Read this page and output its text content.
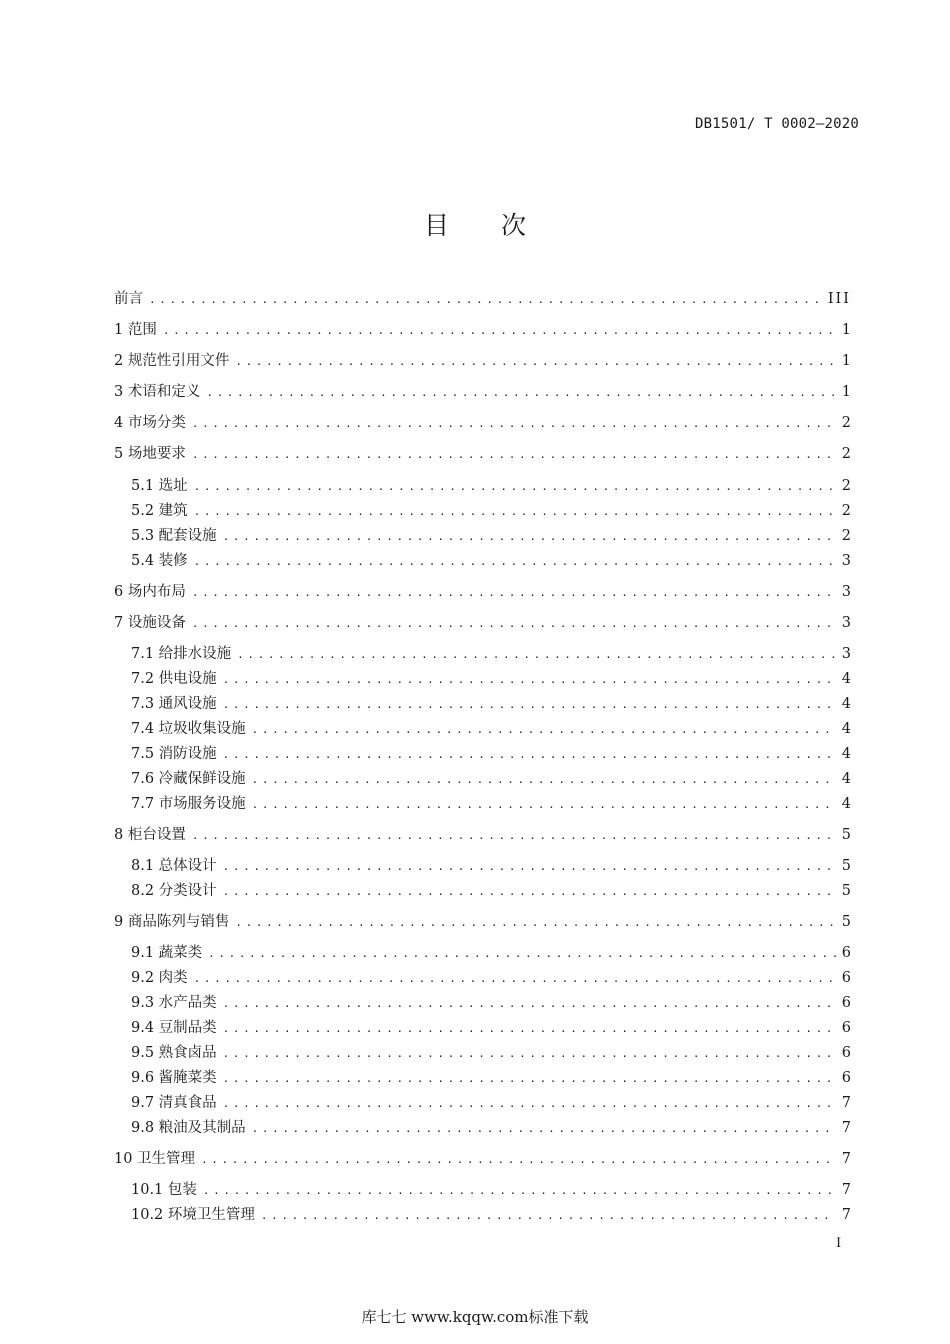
DB1501/ T 0002—2020
目 次
前言 .....	III
1 范围 .....	1
2 规范性引用文件 .....	1
3 术语和定义 .....	1
4 市场分类 .....	2
5 场地要求 .....	2
5.1 选址 .....	2
5.2 建筑 .....	2
5.3 配套设施 .....	2
5.4 装修 .....	3
6 场内布局 .....	3
7 设施设备 .....	3
7.1 给排水设施 .....	3
7.2 供电设施 .....	4
7.3 通风设施 .....	4
7.4 垃圾收集设施 .....	4
7.5 消防设施 .....	4
7.6 冷藏保鲜设施 .....	4
7.7 市场服务设施 .....	4
8 柜台设置 .....	5
8.1 总体设计 .....	5
8.2 分类设计 .....	5
9 商品陈列与销售 .....	5
9.1 蔬菜类 .....	6
9.2 肉类 .....	6
9.3 水产品类 .....	6
9.4 豆制品类 .....	6
9.5 熟食卤品 .....	6
9.6 酱腌菜类 .....	6
9.7 清真食品 .....	7
9.8 粮油及其制品 .....	7
10 卫生管理 .....	7
10.1 包装 .....	7
10.2 环境卫生管理 .....	7
I
库七七 www.kqqw.com标准下载
